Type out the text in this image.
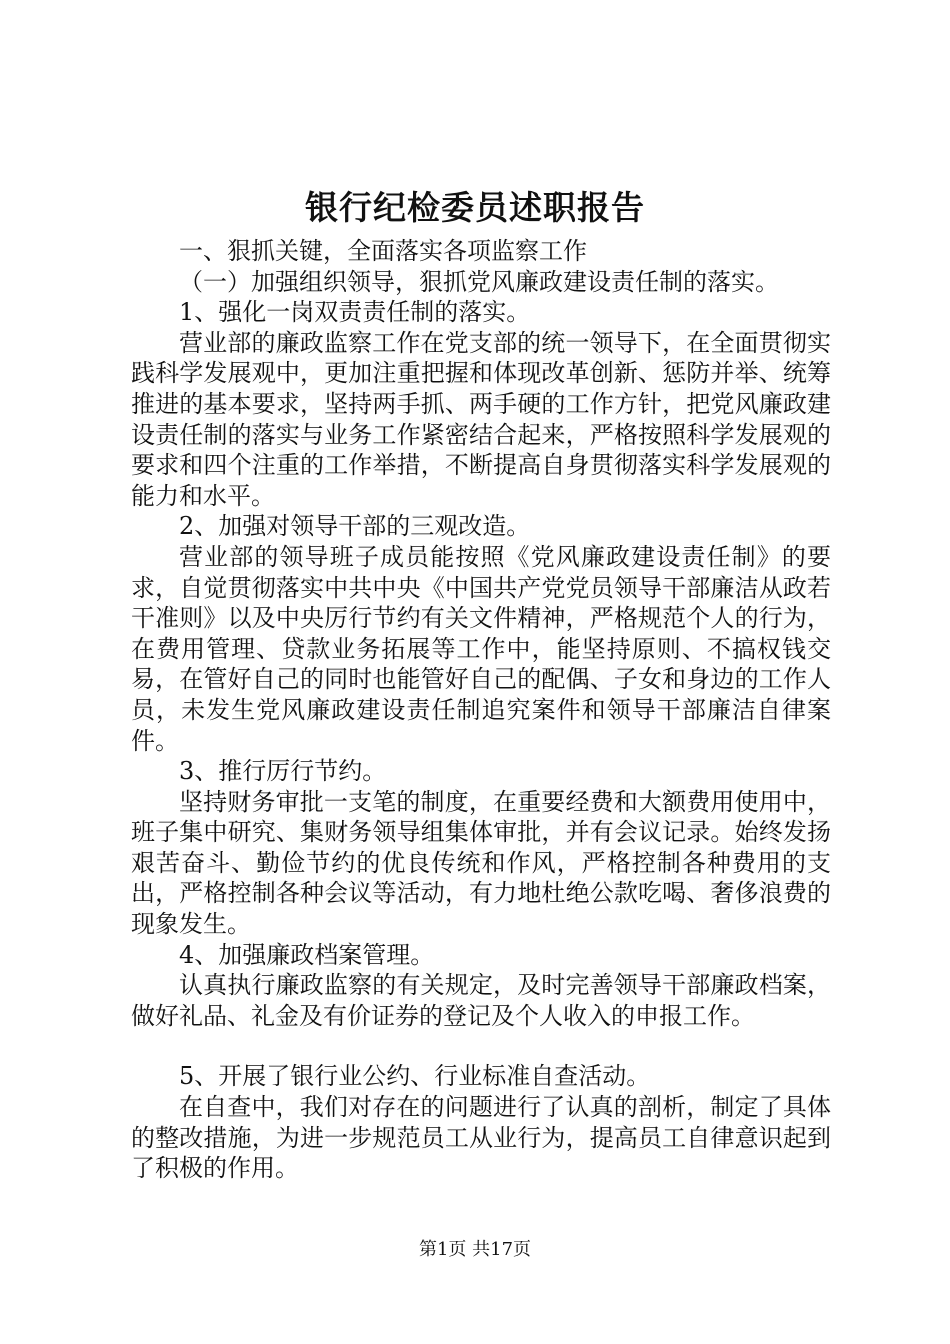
银行纪检委员述职报告

一、狠抓关键，全面落实各项监察工作

（一）加强组织领导，狠抓党风廉政建设责任制的落实。

1、强化一岗双责责任制的落实。

营业部的廉政监察工作在党支部的统一领导下，在全面贯彻实践科学发展观中，更加注重把握和体现改革创新、惩防并举、统筹推进的基本要求，坚持两手抓、两手硬的工作方针，把党风廉政建设责任制的落实与业务工作紧密结合起来，严格按照科学发展观的要求和四个注重的工作举措，不断提高自身贯彻落实科学发展观的能力和水平。

2、加强对领导干部的三观改造。

营业部的领导班子成员能按照《党风廉政建设责任制》的要求，自觉贯彻落实中共中央《中国共产党党员领导干部廉洁从政若干准则》以及中央厉行节约有关文件精神，严格规范个人的行为，在费用管理、贷款业务拓展等工作中，能坚持原则、不搞权钱交易，在管好自己的同时也能管好自己的配偶、子女和身边的工作人员，未发生党风廉政建设责任制追究案件和领导干部廉洁自律案件。

3、推行厉行节约。

坚持财务审批一支笔的制度，在重要经费和大额费用使用中，班子集中研究、集财务领导组集体审批，并有会议记录。始终发扬艰苦奋斗、勤俭节约的优良传统和作风，严格控制各种费用的支出，严格控制各种会议等活动，有力地杜绝公款吃喝、奢侈浪费的现象发生。

4、加强廉政档案管理。

认真执行廉政监察的有关规定，及时完善领导干部廉政档案，做好礼品、礼金及有价证券的登记及个人收入的申报工作。

5、开展了银行业公约、行业标准自查活动。

在自查中，我们对存在的问题进行了认真的剖析，制定了具体的整改措施，为进一步规范员工从业行为，提高员工自律意识起到了积极的作用。

第1页 共17页
